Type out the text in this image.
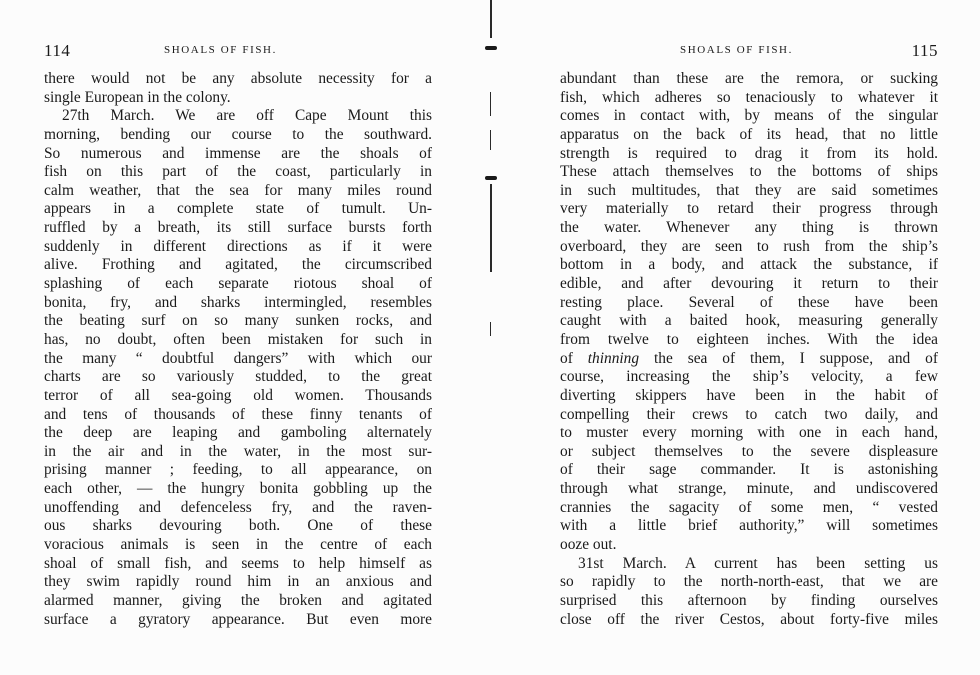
114	SHOALS OF FISH.
there would not be any absolute necessity for a
single European in the colony.
27th March. We are off Cape Mount this
morning, bending our course to the southward.
So numerous and immense are the shoals of
fish on this part of the coast, particularly in
calm weather, that the sea for many miles round
appears in a complete state of tumult. Un-
ruffled by a breath, its still surface bursts forth
suddenly in different directions as if it were
alive. Frothing and agitated, the circumscribed
splashing of each separate riotous shoal of
bonita, fry, and sharks intermingled, resembles
the beating surf on so many sunken rocks, and
has, no doubt, often been mistaken for such in
the many “ doubtful dangers” with which our
charts are so variously studded, to the great
terror of all sea-going old women. Thousands
and tens of thousands of these finny tenants of
the deep are leaping and gamboling alternately
in the air and in the water, in the most sur-
prising manner ; feeding, to all appearance, on
each other, — the hungry bonita gobbling up the
unoffending and defenceless fry, and the raven-
ous sharks devouring both. One of these
voracious animals is seen in the centre of each
shoal of small fish, and seems to help himself as
they swim rapidly round him in an anxious and
alarmed manner, giving the broken and agitated
surface a gyratory appearance. But even more
SHOALS OF FISH.	115
abundant than these are the remora, or sucking
fish, which adheres so tenaciously to whatever it
comes in contact with, by means of the singular
apparatus on the back of its head, that no little
strength is required to drag it from its hold.
These attach themselves to the bottoms of ships
in such multitudes, that they are said sometimes
very materially to retard their progress through
the water. Whenever any thing is thrown
overboard, they are seen to rush from the ship’s
bottom in a body, and attack the substance, if
edible, and after devouring it return to their
resting place. Several of these have been
caught with a baited hook, measuring generally
from twelve to eighteen inches. With the idea
of thinning the sea of them, I suppose, and of
course, increasing the ship’s velocity, a few
diverting skippers have been in the habit of
compelling their crews to catch two daily, and
to muster every morning with one in each hand,
or subject themselves to the severe displeasure
of their sage commander. It is astonishing
through what strange, minute, and undiscovered
crannies the sagacity of some men, “ vested
with a little brief authority,” will sometimes
ooze out.
31st March. A current has been setting us
so rapidly to the north-north-east, that we are
surprised this afternoon by finding ourselves
close off the river Cestos, about forty-five miles
